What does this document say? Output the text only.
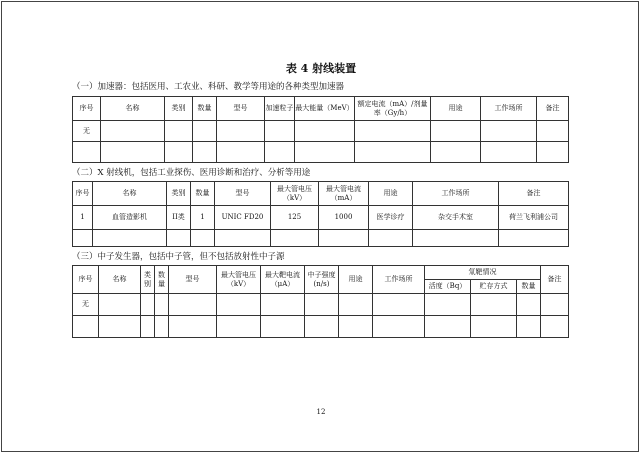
表 4 射线装置
（一）加速器：包括医用、工农业、科研、教学等用途的各种类型加速器
序号	名称	类别	数量	型号	加速粒子	最大能量（MeV）	额定电流（mA）/剂量率（Gy/h）	用途	工作场所	备注
无										

（二）X 射线机，包括工业探伤、医用诊断和治疗、分析等用途
序号	名称	类别	数量	型号	最大管电压（kV）	最大管电流（mA）	用途	工作场所	备注
1	血管造影机	II类	1	UNIC FD20	125	1000	医学诊疗	杂交手术室	荷兰飞利浦公司

（三）中子发生器，包括中子管，但不包括放射性中子源
序号	名称	类别	数量	型号	最大管电压（kV）	最大靶电流（μA）	中子强度(n/s)	用途	工作场所	氚靶情况			备注
										活度（Bq）	贮存方式	数量	
无													

12
